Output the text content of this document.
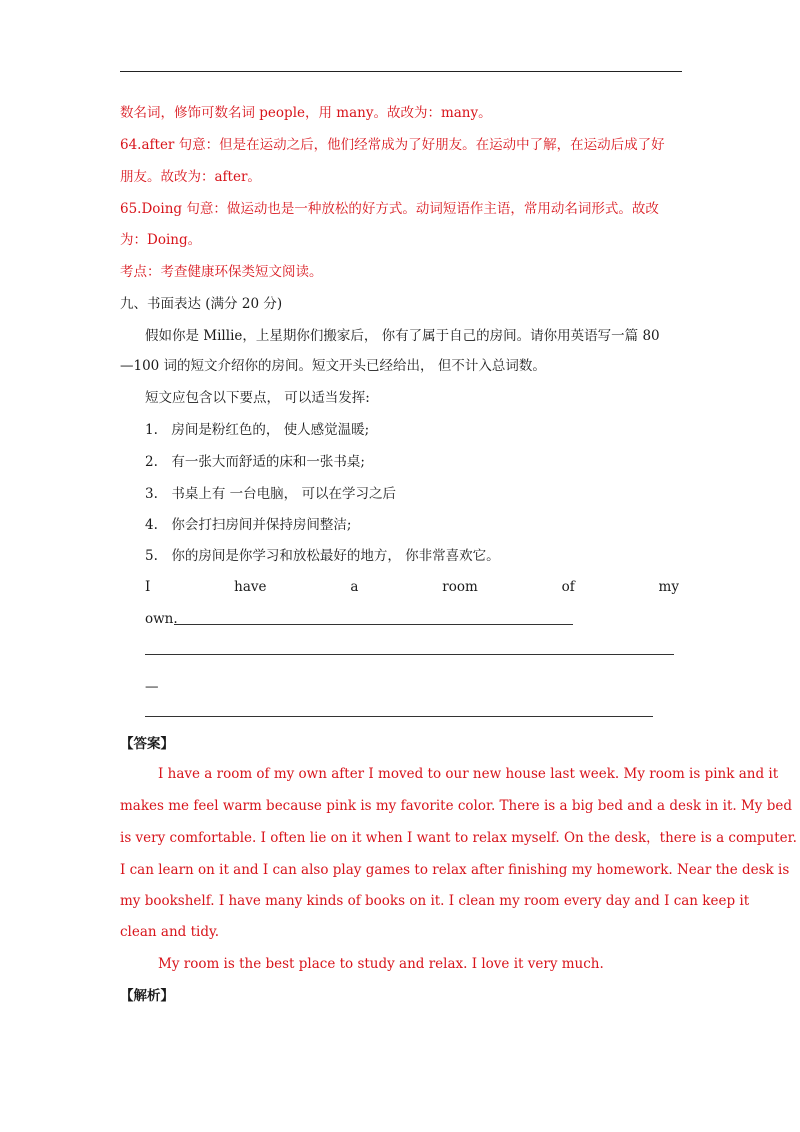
数名词，修饰可数名词 people，用 many。故改为：many。
64.after 句意：但是在运动之后，他们经常成为了好朋友。在运动中了解，在运动后成了好
朋友。故改为：after。
65.Doing 句意：做运动也是一种放松的好方式。动词短语作主语，常用动名词形式。故改
为：Doing。
考点：考查健康环保类短文阅读。
九、书面表达 (满分 20 分)
假如你是 Millie，上星期你们搬家后， 你有了属于自己的房间。请你用英语写一篇 80
—100 词的短文介绍你的房间。短文开头已经给出， 但不计入总词数。
短文应包含以下要点， 可以适当发挥:
1.　房间是粉红色的， 使人感觉温暖;
2.　有一张大而舒适的床和一张书桌;
3.　书桌上有 一台电脑， 可以在学习之后
4.　你会打扫房间并保持房间整洁;
5.　你的房间是你学习和放松最好的地方， 你非常喜欢它。
I	have	a	room	of	my
own.
—
【答案】
I have a room of my own after I moved to our new house last week. My room is pink and it
makes me feel warm because pink is my favorite color. There is a big bed and a desk in it. My bed
is very comfortable. I often lie on it when I want to relax myself. On the desk，there is a computer.
I can learn on it and I can also play games to relax after finishing my homework. Near the desk is
my bookshelf. I have many kinds of books on it. I clean my room every day and I can keep it
clean and tidy.
My room is the best place to study and relax. I love it very much.
【解析】
